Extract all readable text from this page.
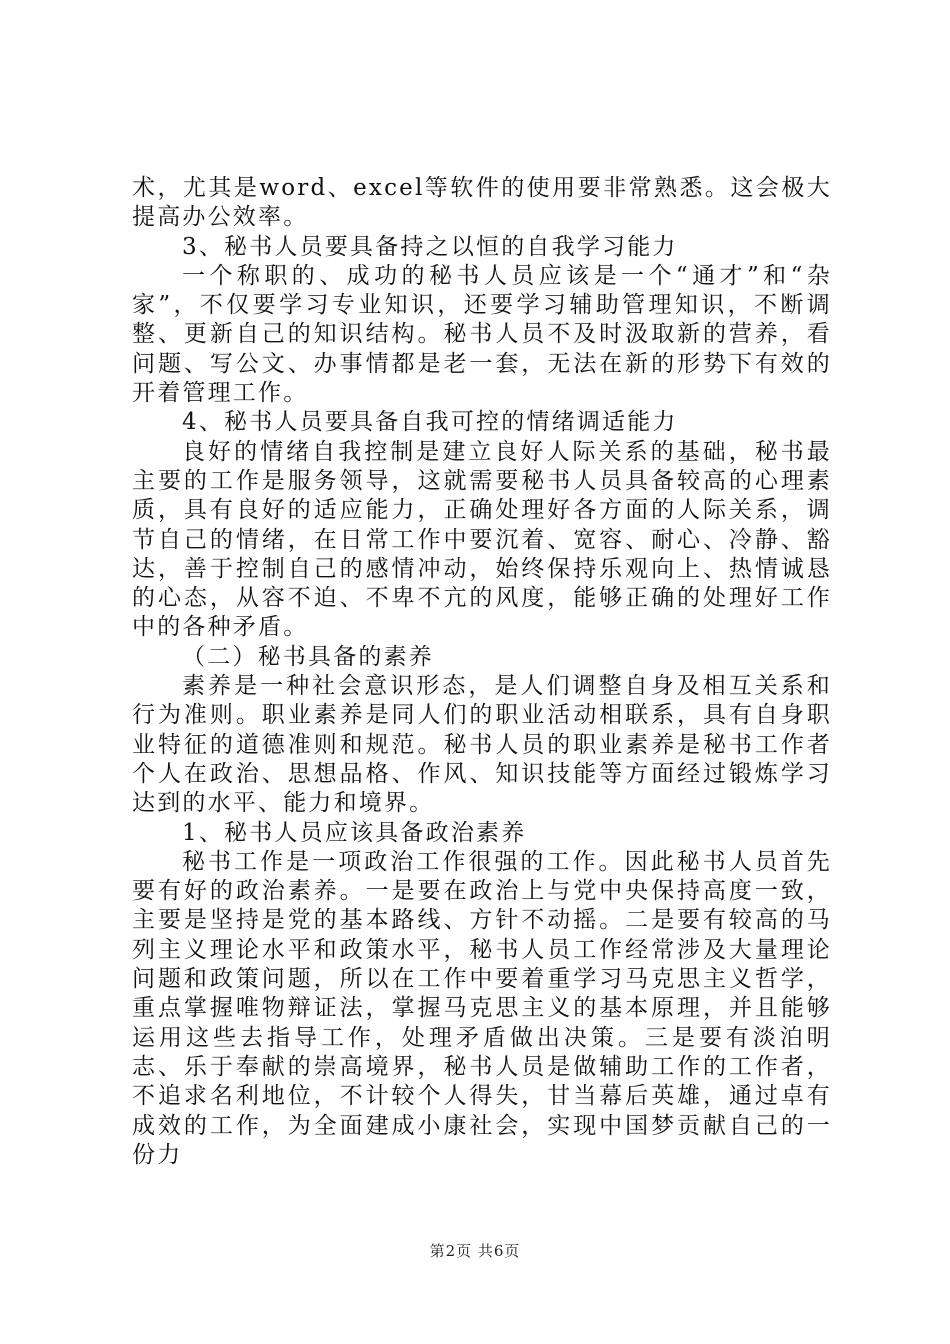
术，尤其是word、excel等软件的使用要非常熟悉。这会极大提高办公效率。

3、秘书人员要具备持之以恒的自我学习能力

一个称职的、成功的秘书人员应该是一个“通才”和“杂家”，不仅要学习专业知识，还要学习辅助管理知识，不断调整、更新自己的知识结构。秘书人员不及时汲取新的营养，看问题、写公文、办事情都是老一套，无法在新的形势下有效的开着管理工作。

4、秘书人员要具备自我可控的情绪调适能力

良好的情绪自我控制是建立良好人际关系的基础，秘书最主要的工作是服务领导，这就需要秘书人员具备较高的心理素质，具有良好的适应能力，正确处理好各方面的人际关系，调节自己的情绪，在日常工作中要沉着、宽容、耐心、冷静、豁达，善于控制自己的感情冲动，始终保持乐观向上、热情诚恳的心态，从容不迫、不卑不亢的风度，能够正确的处理好工作中的各种矛盾。

（二）秘书具备的素养

素养是一种社会意识形态，是人们调整自身及相互关系和行为准则。职业素养是同人们的职业活动相联系，具有自身职业特征的道德准则和规范。秘书人员的职业素养是秘书工作者个人在政治、思想品格、作风、知识技能等方面经过锻炼学习达到的水平、能力和境界。

1、秘书人员应该具备政治素养

秘书工作是一项政治工作很强的工作。因此秘书人员首先要有好的政治素养。一是要在政治上与党中央保持高度一致，主要是坚持是党的基本路线、方针不动摇。二是要有较高的马列主义理论水平和政策水平，秘书人员工作经常涉及大量理论问题和政策问题，所以在工作中要着重学习马克思主义哲学，重点掌握唯物辩证法，掌握马克思主义的基本原理，并且能够运用这些去指导工作，处理矛盾做出决策。三是要有淡泊明志、乐于奉献的崇高境界，秘书人员是做辅助工作的工作者，不追求名利地位，不计较个人得失，甘当幕后英雄，通过卓有成效的工作，为全面建成小康社会，实现中国梦贡献自己的一份力

第2页 共6页
